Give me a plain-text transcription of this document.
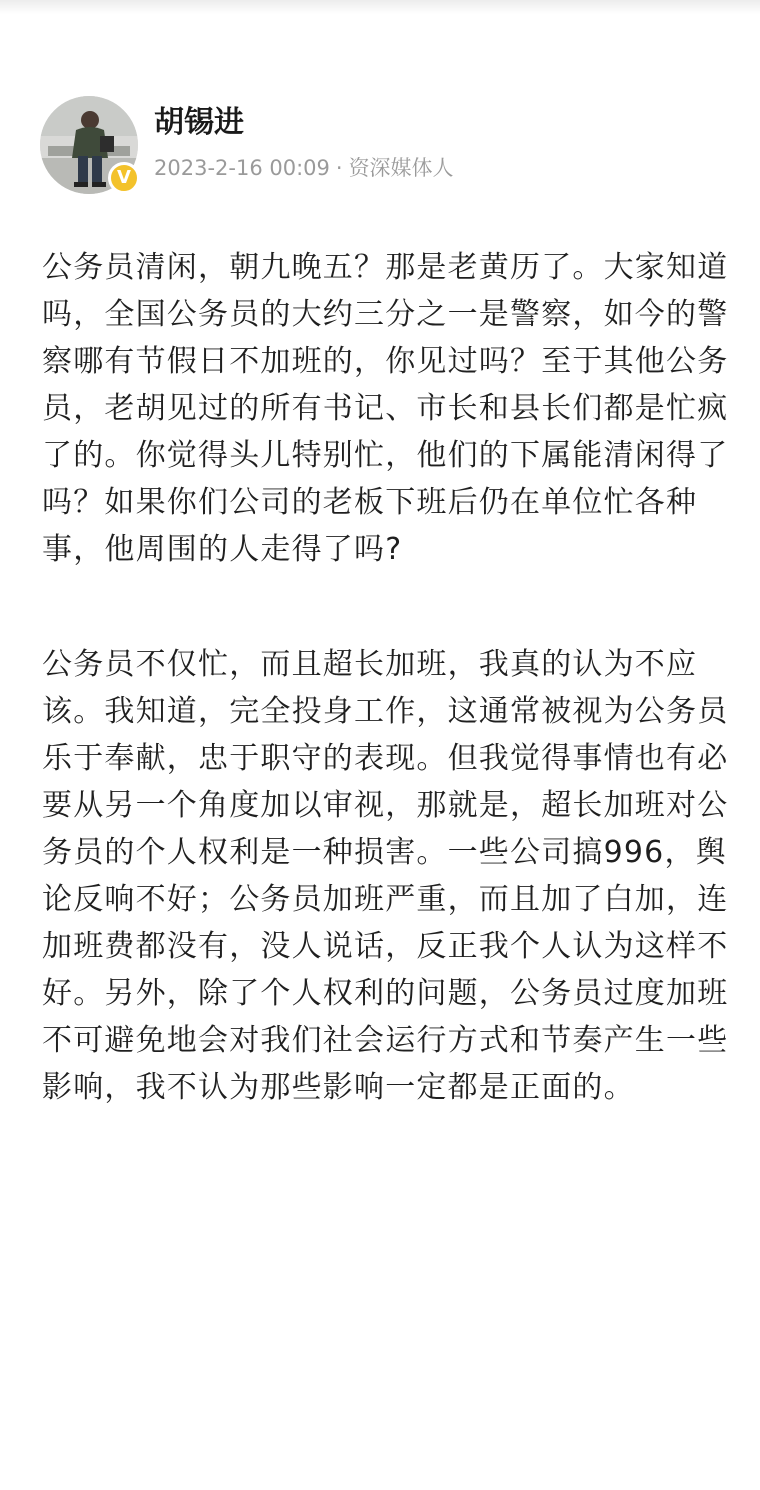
V
胡锡进
2023-2-16 00:09 · 资深媒体人

公务员清闲，朝九晚五？那是老黄历了。大家知道吗，全国公务员的大约三分之一是警察，如今的警察哪有节假日不加班的，你见过吗？至于其他公务员，老胡见过的所有书记、市长和县长们都是忙疯了的。你觉得头儿特别忙，他们的下属能清闲得了吗？如果你们公司的老板下班后仍在单位忙各种事，他周围的人走得了吗?

公务员不仅忙，而且超长加班，我真的认为不应该。我知道，完全投身工作，这通常被视为公务员乐于奉献，忠于职守的表现。但我觉得事情也有必要从另一个角度加以审视，那就是，超长加班对公务员的个人权利是一种损害。一些公司搞996，舆论反响不好；公务员加班严重，而且加了白加，连加班费都没有，没人说话，反正我个人认为这样不好。另外，除了个人权利的问题，公务员过度加班不可避免地会对我们社会运行方式和节奏产生一些影响，我不认为那些影响一定都是正面的。
